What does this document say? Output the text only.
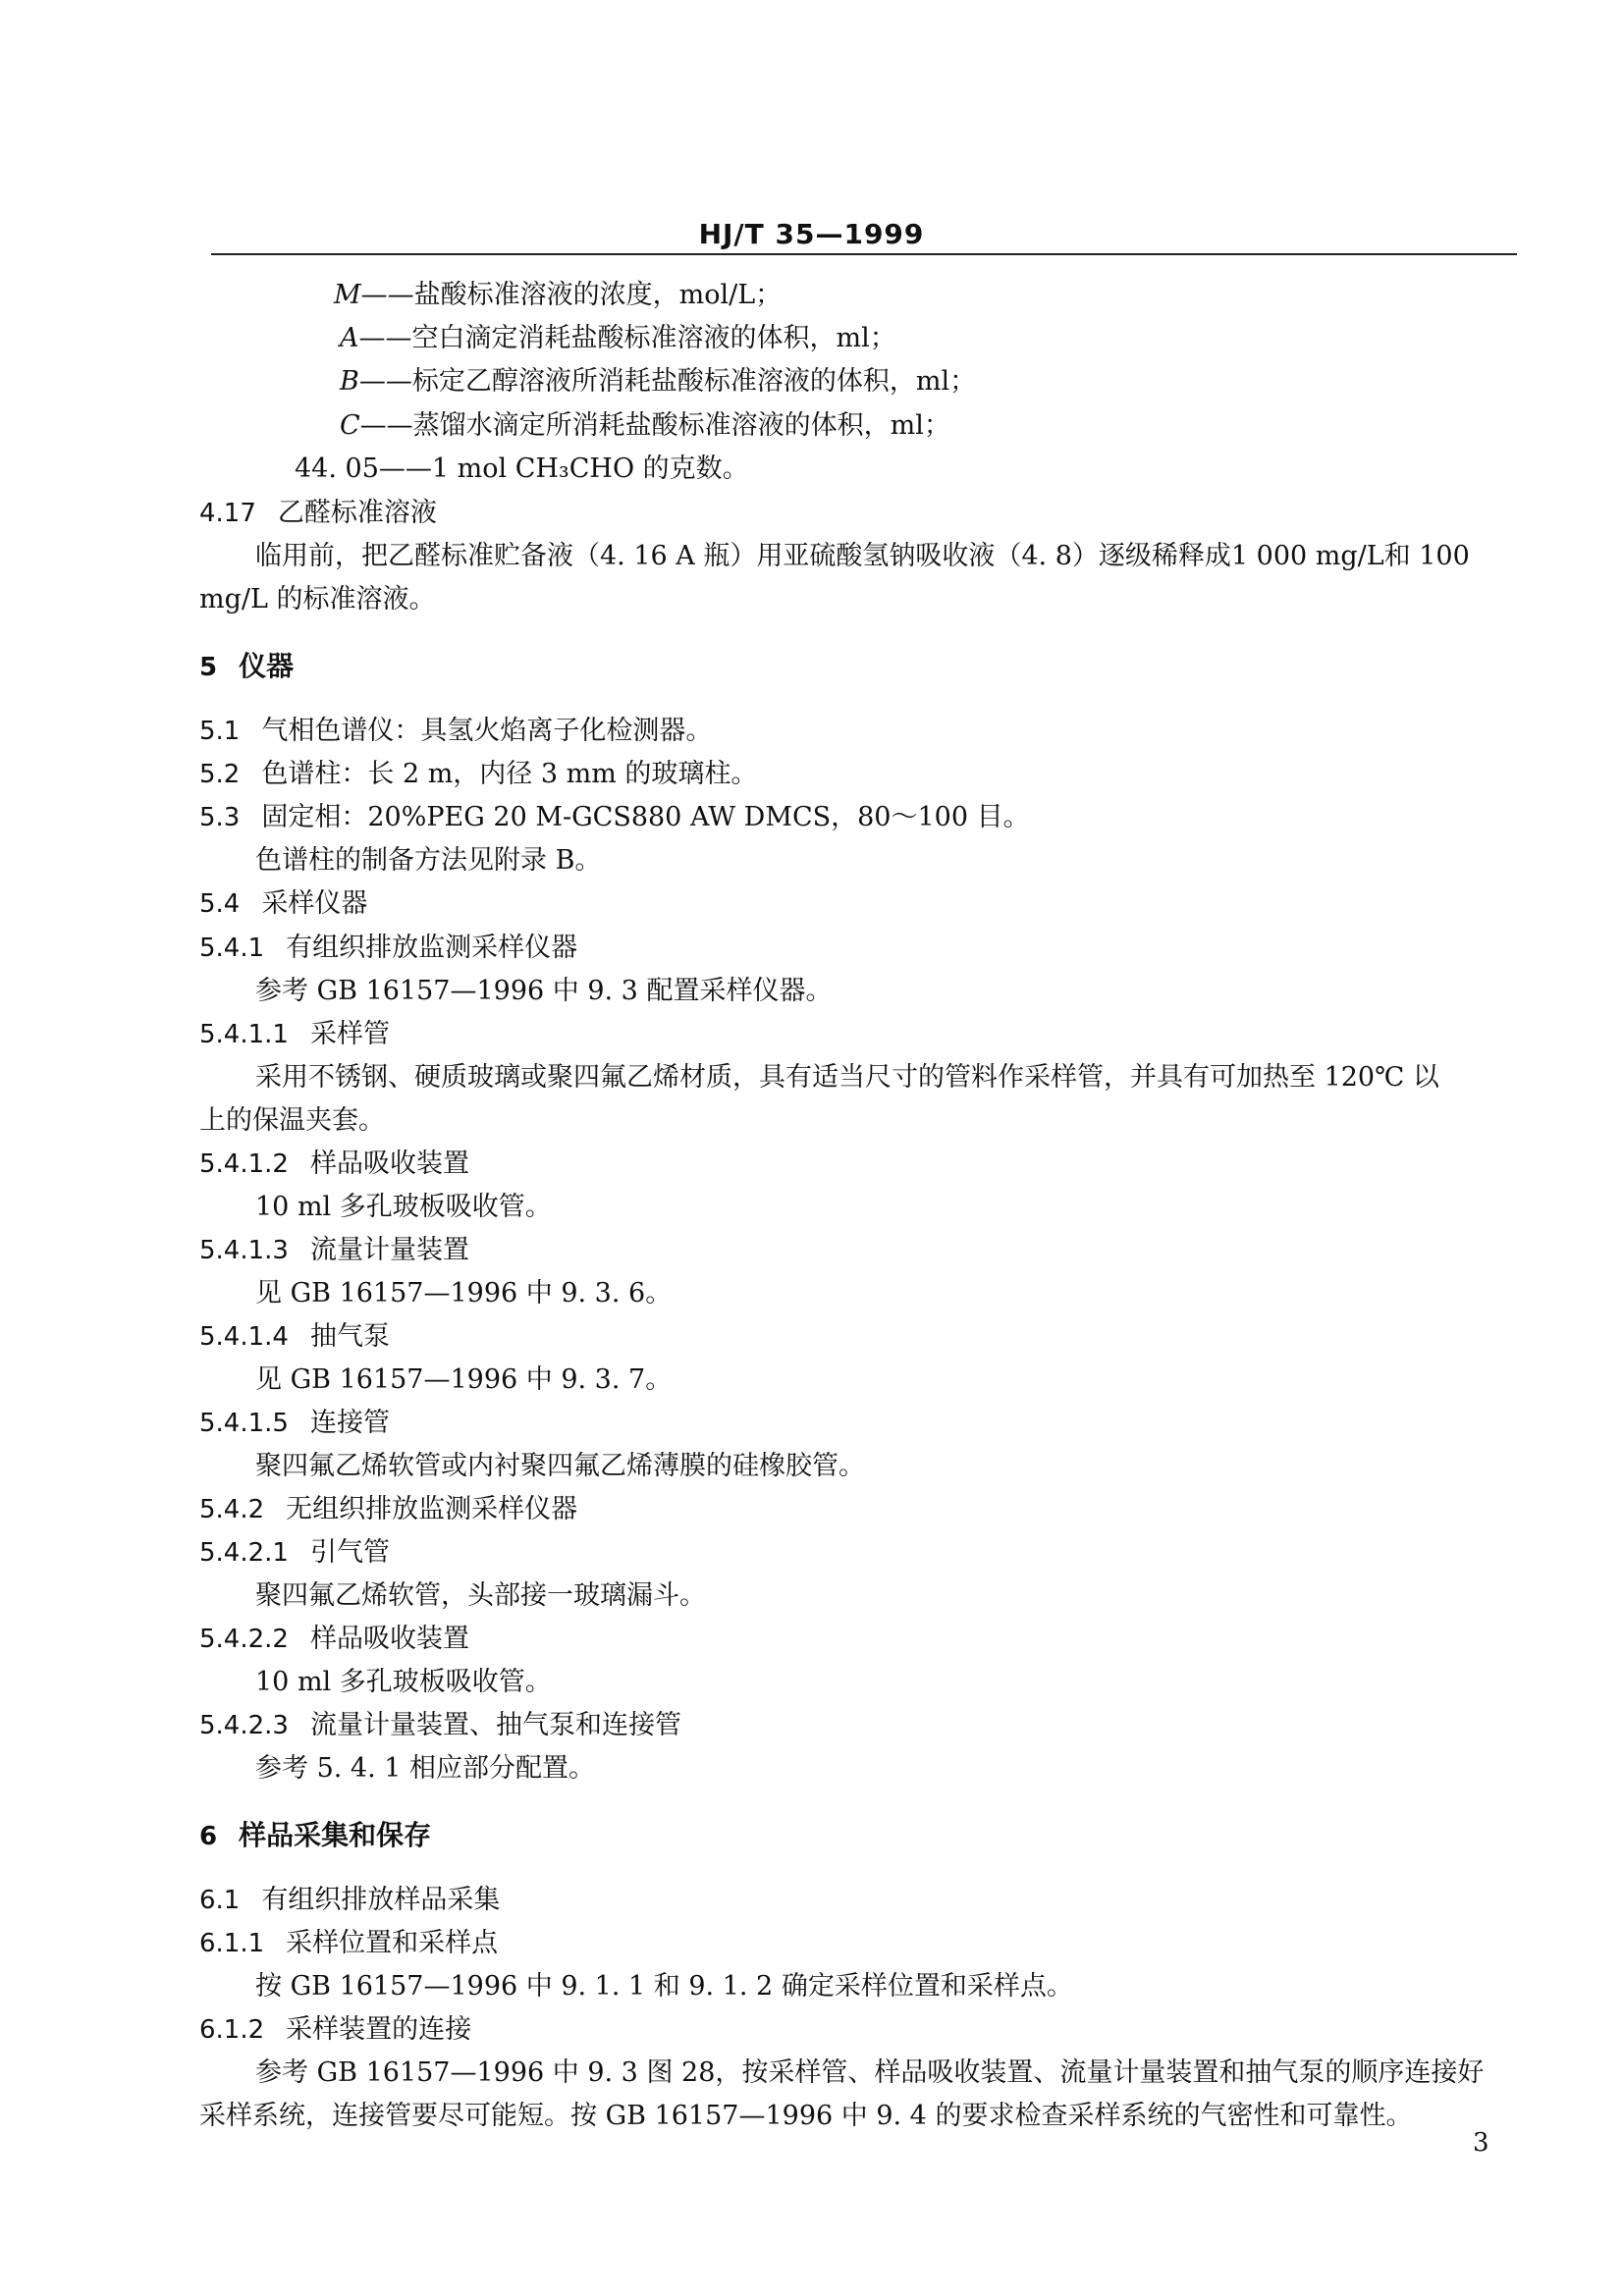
HJ/T 35—1999
M——盐酸标准溶液的浓度，mol/L；
A——空白滴定消耗盐酸标准溶液的体积，ml；
B——标定乙醇溶液所消耗盐酸标准溶液的体积，ml；
C——蒸馏水滴定所消耗盐酸标准溶液的体积，ml；
44. 05——1 mol CH₃CHO 的克数。
4.17 乙醛标准溶液
临用前，把乙醛标准贮备液（4. 16 A 瓶）用亚硫酸氢钠吸收液（4. 8）逐级稀释成1 000 mg/L和 100
mg/L 的标准溶液。
5 仪器
5.1 气相色谱仪：具氢火焰离子化检测器。
5.2 色谱柱：长 2 m，内径 3 mm 的玻璃柱。
5.3 固定相：20%PEG 20 M-GCS880 AW DMCS，80～100 目。
色谱柱的制备方法见附录 B。
5.4 采样仪器
5.4.1 有组织排放监测采样仪器
参考 GB 16157—1996 中 9. 3 配置采样仪器。
5.4.1.1 采样管
采用不锈钢、硬质玻璃或聚四氟乙烯材质，具有适当尺寸的管料作采样管，并具有可加热至 120℃ 以
上的保温夹套。
5.4.1.2 样品吸收装置
10 ml 多孔玻板吸收管。
5.4.1.3 流量计量装置
见 GB 16157—1996 中 9. 3. 6。
5.4.1.4 抽气泵
见 GB 16157—1996 中 9. 3. 7。
5.4.1.5 连接管
聚四氟乙烯软管或内衬聚四氟乙烯薄膜的硅橡胶管。
5.4.2 无组织排放监测采样仪器
5.4.2.1 引气管
聚四氟乙烯软管，头部接一玻璃漏斗。
5.4.2.2 样品吸收装置
10 ml 多孔玻板吸收管。
5.4.2.3 流量计量装置、抽气泵和连接管
参考 5. 4. 1 相应部分配置。
6 样品采集和保存
6.1 有组织排放样品采集
6.1.1 采样位置和采样点
按 GB 16157—1996 中 9. 1. 1 和 9. 1. 2 确定采样位置和采样点。
6.1.2 采样装置的连接
参考 GB 16157—1996 中 9. 3 图 28，按采样管、样品吸收装置、流量计量装置和抽气泵的顺序连接好
采样系统，连接管要尽可能短。按 GB 16157—1996 中 9. 4 的要求检查采样系统的气密性和可靠性。
3
